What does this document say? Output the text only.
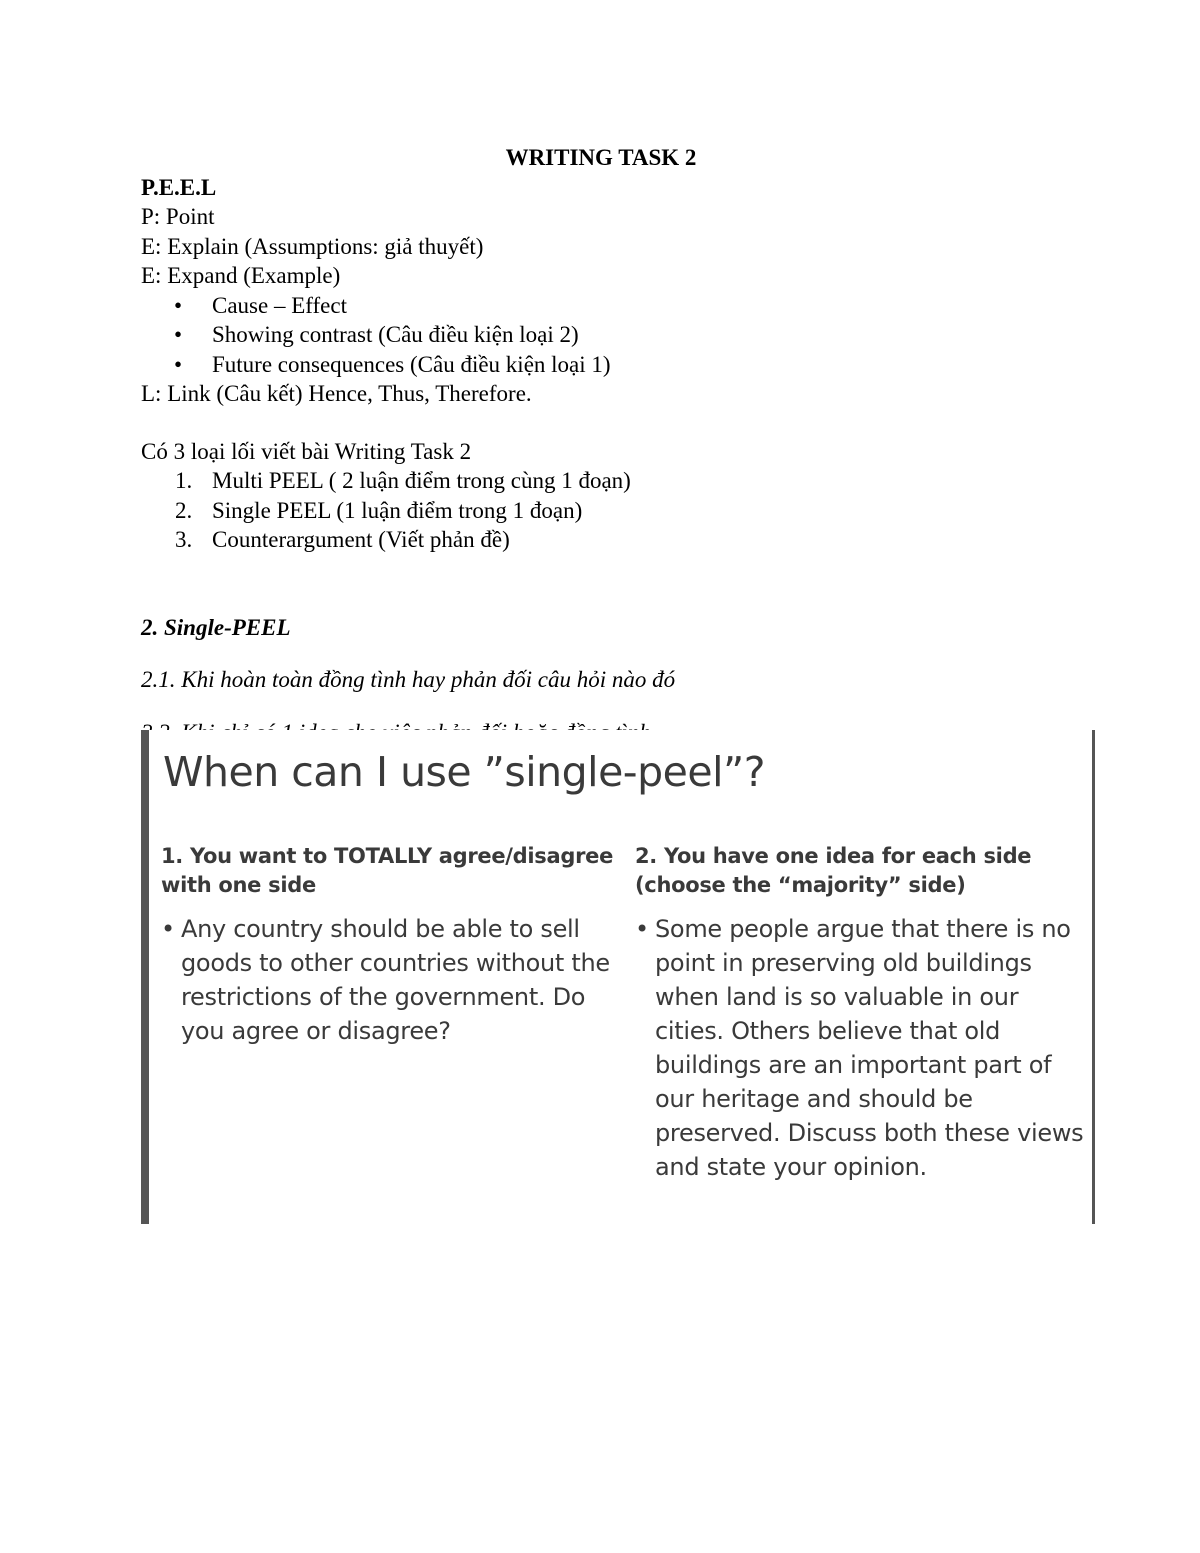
WRITING TASK 2

P.E.E.L

P: Point

E: Explain (Assumptions: giả thuyết)

E: Expand (Example)

• Cause – Effect
• Showing contrast (Câu điều kiện loại 2)
• Future consequences (Câu điều kiện loại 1)

L: Link (Câu kết) Hence, Thus, Therefore.

Có 3 loại lối viết bài Writing Task 2

1. Multi PEEL ( 2 luận điểm trong cùng 1 đoạn)
2. Single PEEL (1 luận điểm trong 1 đoạn)
3. Counterargument (Viết phản đề)

2. Single-PEEL

2.1. Khi hoàn toàn đồng tình hay phản đối câu hỏi nào đó

When can I use ”single-peel”?

1. You want to TOTALLY agree/disagree
with one side

• Any country should be able to sell goods to other countries without the restrictions of the government. Do you agree or disagree?

2. You have one idea for each side
(choose the “majority” side)

• Some people argue that there is no point in preserving old buildings when land is so valuable in our cities. Others believe that old buildings are an important part of our heritage and should be preserved. Discuss both these views and state your opinion.
